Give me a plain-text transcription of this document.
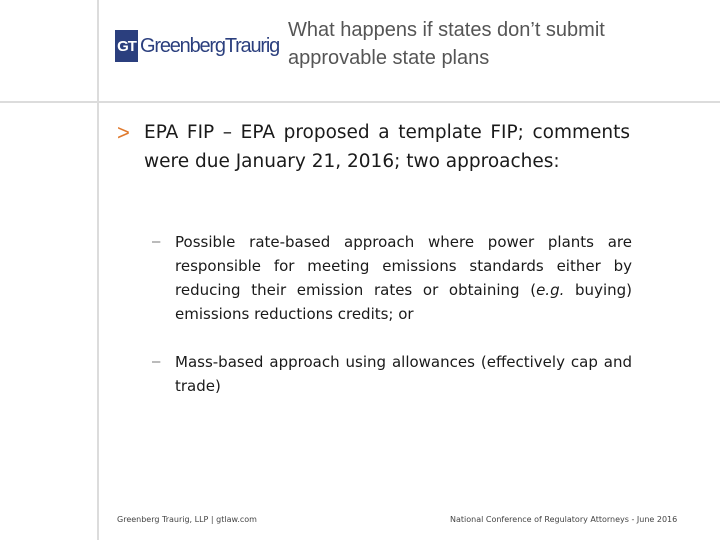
GT GreenbergTraurig
What happens if states don’t submit approvable state plans
> EPA FIP – EPA proposed a template FIP; comments were due January 21, 2016; two approaches:
– Possible rate-based approach where power plants are responsible for meeting emissions standards either by reducing their emission rates or obtaining (e.g. buying) emissions reductions credits; or
– Mass-based approach using allowances (effectively cap and trade)
Greenberg Traurig, LLP | gtlaw.com	National Conference of Regulatory Attorneys - June 2016
